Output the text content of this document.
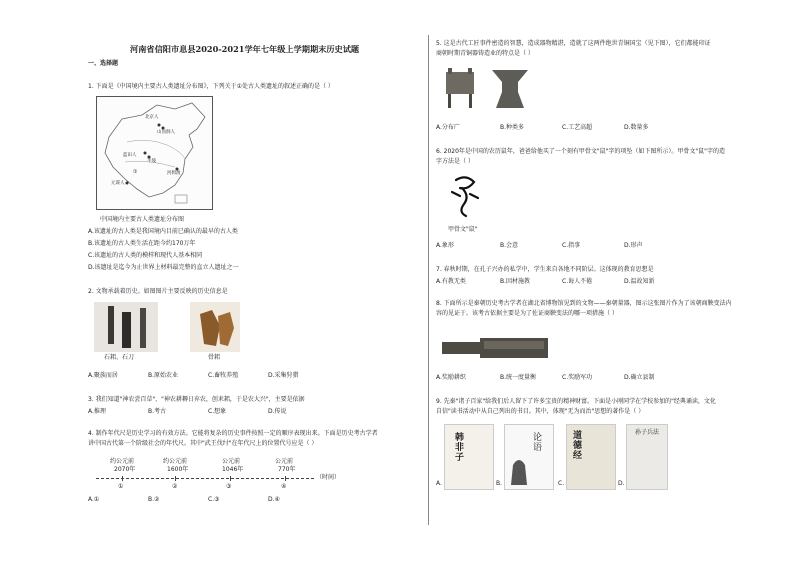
河南省信阳市息县2020-2021学年七年级上学期期末历史试题
一、选择题
1. 下面是《中国境内主要古人类遗址分布图》，下列关于①处古人类遗址的叙述正确的是（ ）
北京人
山顶洞人
元谋人
蓝田人
河姆渡
半坡
①
中国境内主要古人类遗址分布图
A.该遗址的古人类是我国境内目前已确认的最早的古人类
B.该遗址的古人类生活在距今约170万年
C.该遗址的古人类的模样和现代人基本相同
D.该遗址是迄今为止世界上材料最完整的直立人遗址之一
2. 文物承载着历史。如图图片主要反映的历史信息是
石耜、石刀	骨耜
A.聚族而居	B.原始农业	C.畜牧养殖	D.采集狩猎
3. 我们知道"神农尝百草"、"神农耕耨日弃农，创耒耜，于是农大兴"，主要是依据
A.推理	B.考古	C.想象	D.传说
4. 制作年代尺是历史学习的有效方法。它能将复杂的历史事件按照一定的顺序表现出来。下面是历史考古学者
讲中国古代第一个阶级社会的年代尺。其中"武王伐纣"在年代尺上的位置代号应是（ ）
约公元前
2070年
约公元前
1600年
公元前
1046年
公元前
770年
（时间）
①	②	③	④
A.①	B.②	C.③	D.④
5. 这是古代工匠事件密造的智慧，造成器物精湛，造就了这两件绝世青铜国宝（见下图），它们都能印证
商朝时期青铜器铸造业的特点是（ ）
A.分布广	B.种类多	C.工艺高超	D.数量多
6. 2020年是中国的农历鼠年，爸爸给他买了一个刻有甲骨文"鼠"字的项坠（如下图所示）。甲骨文"鼠"字的造
字方法是（ ）
甲骨文"鼠"
A.象形	B.会意	C.指事	D.形声
7. 春秋时期，在孔子兴办的私学中，学生来自各地不同阶层。这体现的教育思想是
A.有教无类	B.因材施教	C.诲人不倦	D.温故知新
8. 下面所示是秦朝历史考古学者在湖北省博物馆见到的文物——秦朝量器，图示这张图片作为了该朝商鞅变法内
容的见证于。该考古依据主要是为了佐证商鞅变法的哪一项措施（ ）
A.奖励耕织	B.统一度量衡	C.奖励军功	D.确立县制
9. 先秦"诸子百家"给我们后人留下了许多宝贵的精神财富。下面是小刚同学在学校参加的"经典诵读，文化
自信"读书活动中从自己列出的书目。其中，体现"无为而治"思想的著作是（ ）
韩非子
论语
道德经
孙子兵法
A.	B.	C.	D.
